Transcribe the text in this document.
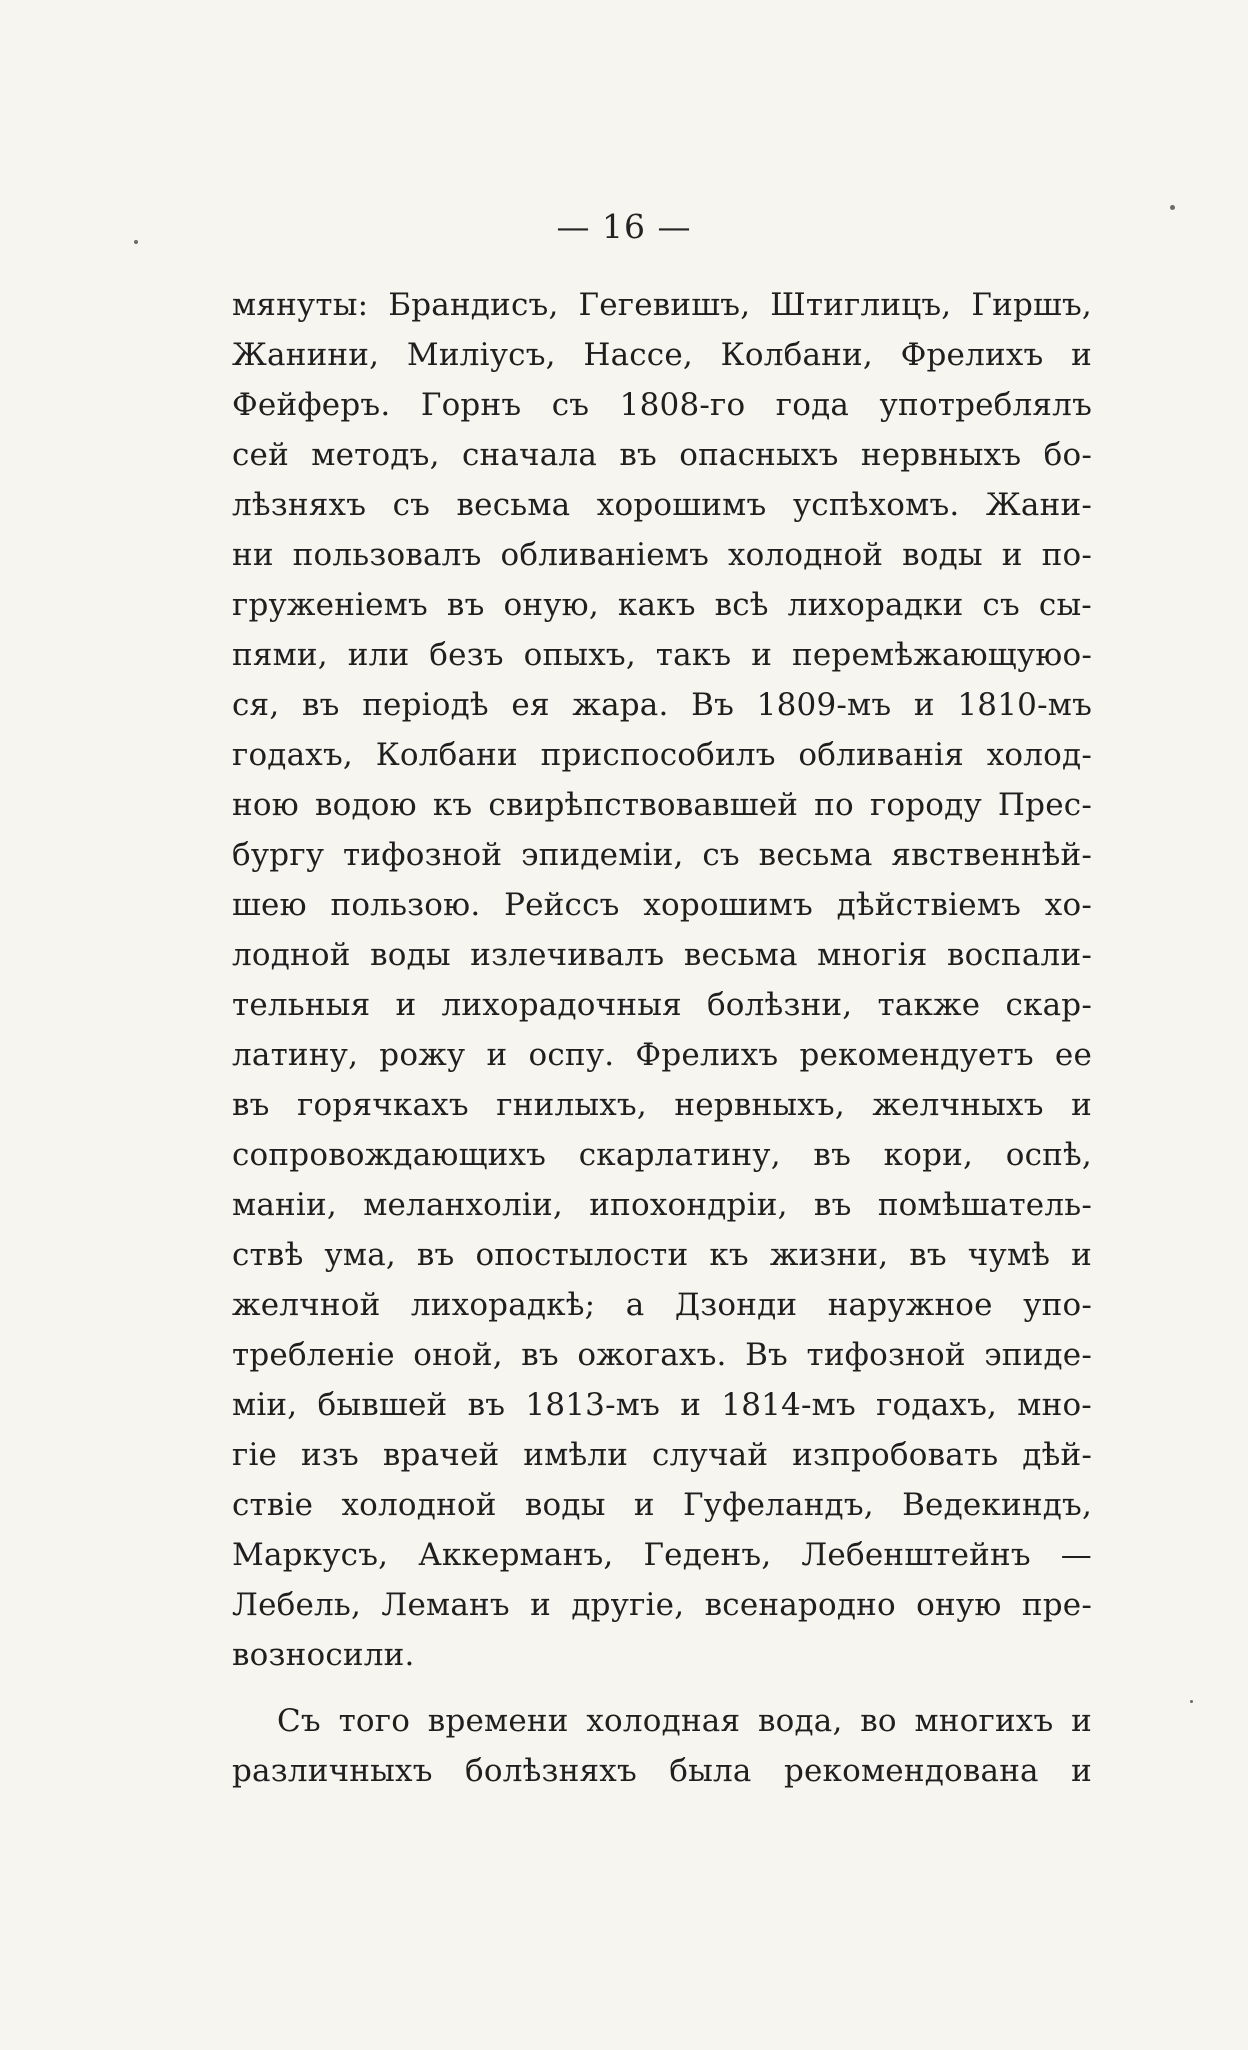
— 16 —
мянуты: Брандисъ, Гегевишъ, Штиглицъ, Гиршъ,
Жанини, Миліусъ, Нассе, Колбани, Фрелихъ и
Фейферъ. Горнъ съ 1808-го года употреблялъ
сей методъ, сначала въ опасныхъ нервныхъ бо-
лѣзняхъ съ весьма хорошимъ успѣхомъ. Жани-
ни пользовалъ обливаніемъ холодной воды и по-
груженіемъ въ оную, какъ всѣ лихорадки съ сы-
пями, или безъ опыхъ, такъ и перемѣжающуюо-
ся, въ періодѣ ея жара. Въ 1809-мъ и 1810-мъ
годахъ, Колбани приспособилъ обливанія холод-
ною водою къ свирѣпствовавшей по городу Прес-
бургу тифозной эпидеміи, съ весьма явственнѣй-
шею пользою. Рейссъ хорошимъ дѣйствіемъ хо-
лодной воды излечивалъ весьма многія воспали-
тельныя и лихорадочныя болѣзни, также скар-
латину, рожу и оспу. Фрелихъ рекомендуетъ ее
въ горячкахъ гнилыхъ, нервныхъ, желчныхъ и
сопровождающихъ скарлатину, въ кори, оспѣ,
маніи, меланхоліи, ипохондріи, въ помѣшатель-
ствѣ ума, въ опостылости къ жизни, въ чумѣ и
желчной лихорадкѣ; а Дзонди наружное упо-
требленіе оной, въ ожогахъ. Въ тифозной эпиде-
міи, бывшей въ 1813-мъ и 1814-мъ годахъ, мно-
гіе изъ врачей имѣли случай изпробовать дѣй-
ствіе холодной воды и Гуфеландъ, Ведекиндъ,
Маркусъ, Аккерманъ, Геденъ, Лебенштейнъ —
Лебель, Леманъ и другіе, всенародно оную пре-
возносили.
Съ того времени холодная вода, во многихъ и
различныхъ болѣзняхъ была рекомендована и
